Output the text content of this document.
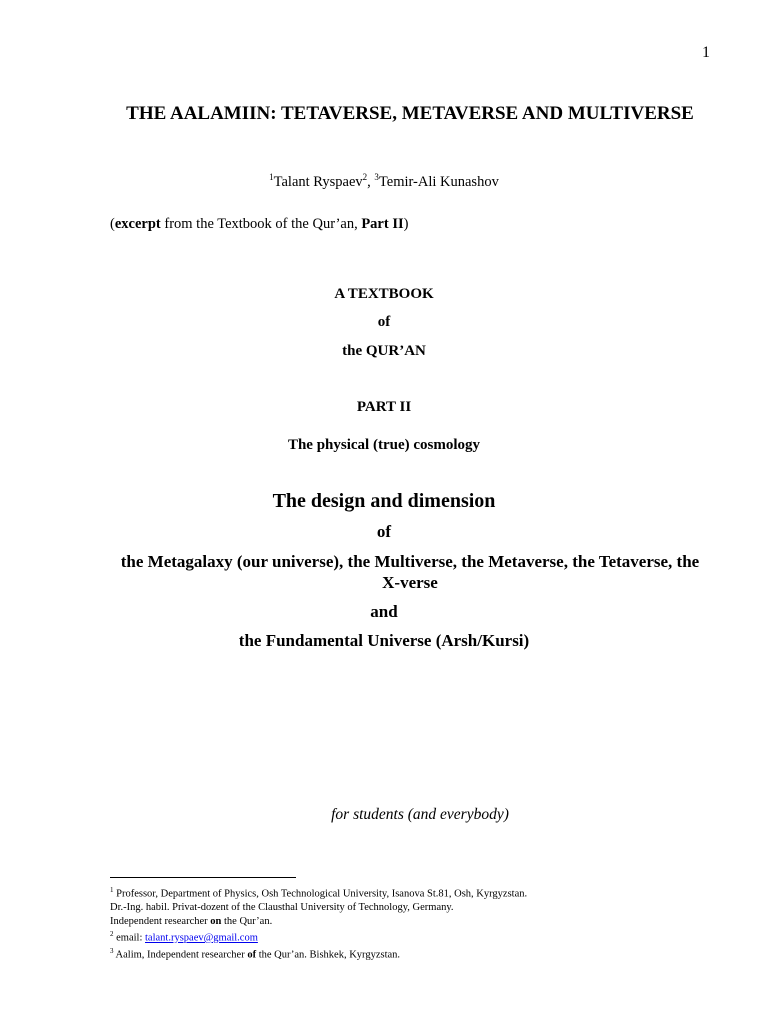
1
THE AALAMIIN: TETAVERSE, METAVERSE AND MULTIVERSE
$^1$Talant Ryspaev$^2$, $^3$Temir-Ali Kunashov
(excerpt from the Textbook of the Qur’an, Part II)
A TEXTBOOK
of
the QUR’AN
PART II
The physical (true) cosmology
The design and dimension
of
the Metagalaxy (our universe), the Multiverse, the Metaverse, the Tetaverse, the X-verse
and
the Fundamental Universe (Arsh/Kursi)
for students (and everybody)
$^1$ Professor, Department of Physics, Osh Technological University, Isanova St.81, Osh, Kyrgyzstan.
Dr.-Ing. habil. Privat-dozent of the Clausthal University of Technology, Germany.
Independent researcher on the Qur’an.
$^2$ email: talant.ryspaev@gmail.com
$^3$ Aalim, Independent researcher of the Qur’an. Bishkek, Kyrgyzstan.
